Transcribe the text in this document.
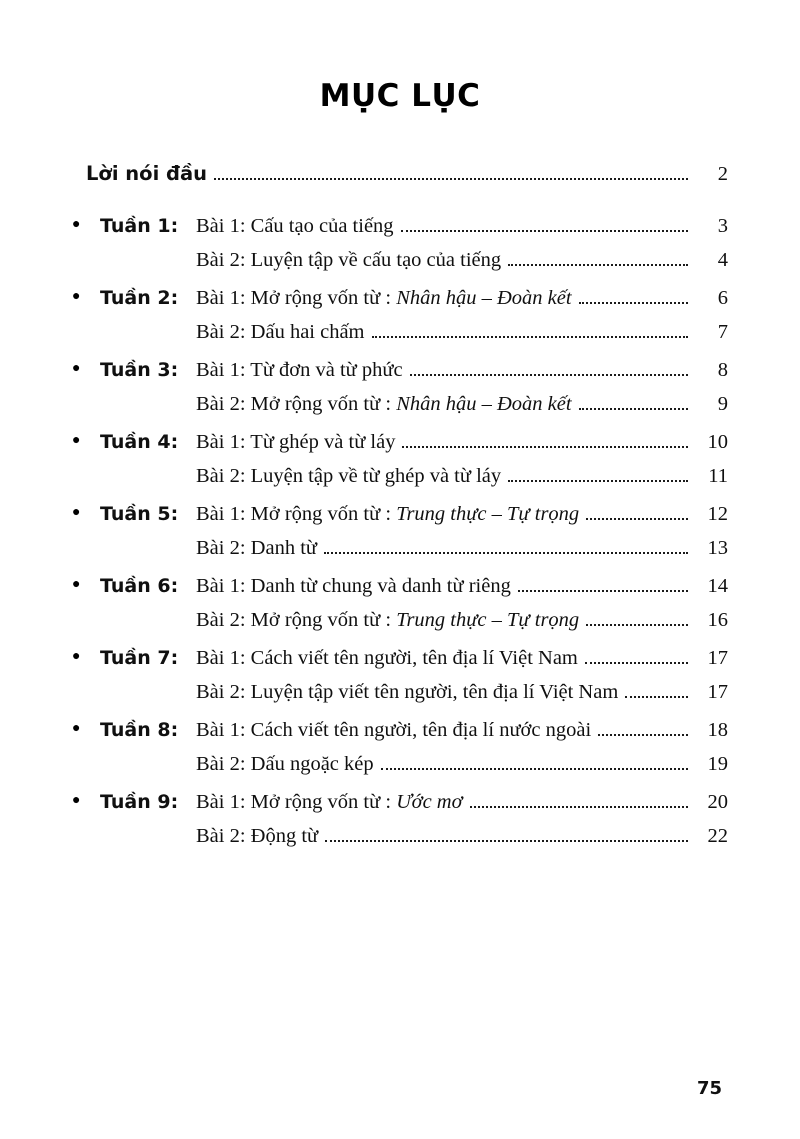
MỤC LỤC
Lời nói đầu	2
●	Tuần 1: Bài 1: Cấu tạo của tiếng	3
Bài 2: Luyện tập về cấu tạo của tiếng	4
●	Tuần 2: Bài 1: Mở rộng vốn từ : Nhân hậu – Đoàn kết	6
Bài 2: Dấu hai chấm	7
●	Tuần 3: Bài 1: Từ đơn và từ phức	8
Bài 2: Mở rộng vốn từ : Nhân hậu – Đoàn kết	9
●	Tuần 4: Bài 1: Từ ghép và từ láy	10
Bài 2: Luyện tập về từ ghép và từ láy	11
●	Tuần 5: Bài 1: Mở rộng vốn từ : Trung thực – Tự trọng	12
Bài 2: Danh từ	13
●	Tuần 6: Bài 1: Danh từ chung và danh từ riêng	14
Bài 2: Mở rộng vốn từ : Trung thực – Tự trọng	16
●	Tuần 7: Bài 1: Cách viết tên người, tên địa lí Việt Nam	17
Bài 2: Luyện tập viết tên người, tên địa lí Việt Nam	17
●	Tuần 8: Bài 1: Cách viết tên người, tên địa lí nước ngoài	18
Bài 2: Dấu ngoặc kép	19
●	Tuần 9: Bài 1: Mở rộng vốn từ : Ước mơ	20
Bài 2: Động từ	22
75
